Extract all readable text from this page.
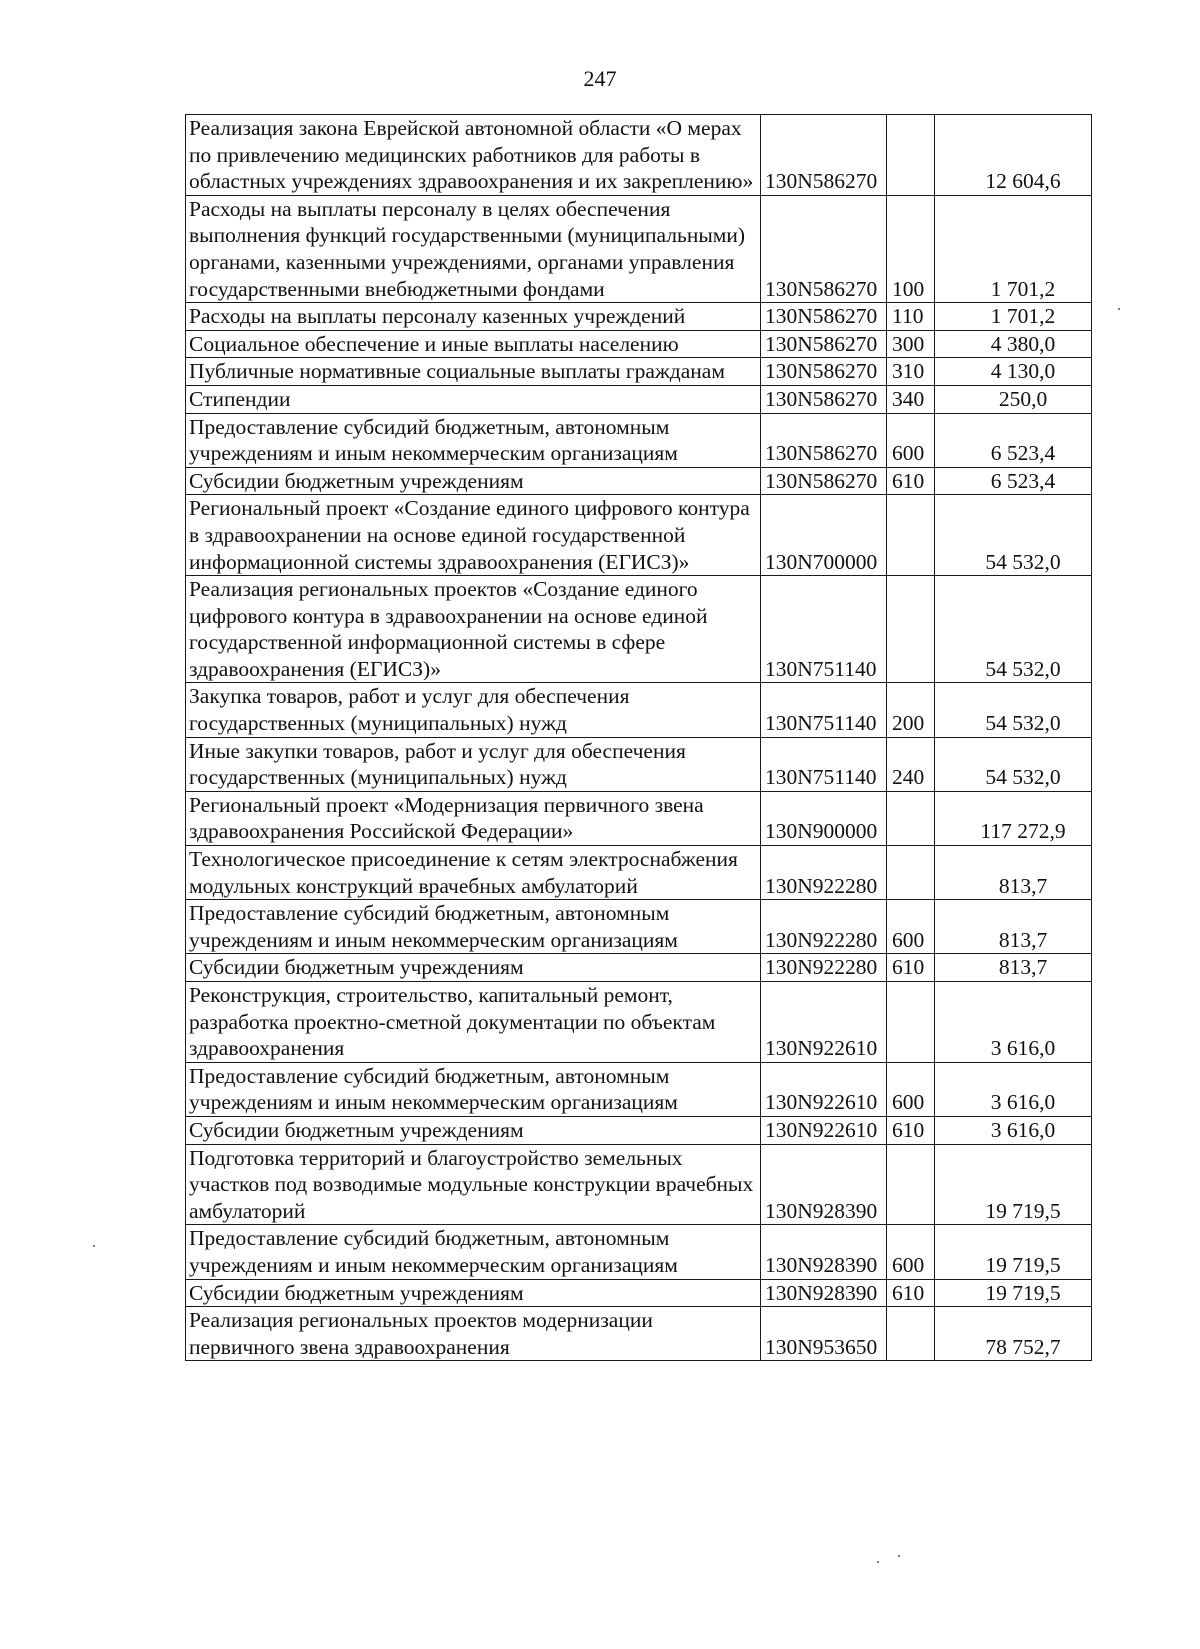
247
Реализация закона Еврейской автономной области «О мерах по привлечению медицинских работников для работы в областных учреждениях здравоохранения и их закреплению»	130N586270		12 604,6
Расходы на выплаты персоналу в целях обеспечения выполнения функций государственными (муниципальными) органами, казенными учреждениями, органами управления государственными внебюджетными фондами	130N586270	100	1 701,2
Расходы на выплаты персоналу казенных учреждений	130N586270	110	1 701,2
Социальное обеспечение и иные выплаты населению	130N586270	300	4 380,0
Публичные нормативные социальные выплаты гражданам	130N586270	310	4 130,0
Стипендии	130N586270	340	250,0
Предоставление субсидий бюджетным, автономным учреждениям и иным некоммерческим организациям	130N586270	600	6 523,4
Субсидии бюджетным учреждениям	130N586270	610	6 523,4
Региональный проект «Создание единого цифрового контура в здравоохранении на основе единой государственной информационной системы здравоохранения (ЕГИСЗ)»	130N700000		54 532,0
Реализация региональных проектов «Создание единого цифрового контура в здравоохранении на основе единой государственной информационной системы в сфере здравоохранения (ЕГИСЗ)»	130N751140		54 532,0
Закупка товаров, работ и услуг для обеспечения государственных (муниципальных) нужд	130N751140	200	54 532,0
Иные закупки товаров, работ и услуг для обеспечения государственных (муниципальных) нужд	130N751140	240	54 532,0
Региональный проект «Модернизация первичного звена здравоохранения Российской Федерации»	130N900000		117 272,9
Технологическое присоединение к сетям электроснабжения модульных конструкций врачебных амбулаторий	130N922280		813,7
Предоставление субсидий бюджетным, автономным учреждениям и иным некоммерческим организациям	130N922280	600	813,7
Субсидии бюджетным учреждениям	130N922280	610	813,7
Реконструкция, строительство, капитальный ремонт, разработка проектно-сметной документации по объектам здравоохранения	130N922610		3 616,0
Предоставление субсидий бюджетным, автономным учреждениям и иным некоммерческим организациям	130N922610	600	3 616,0
Субсидии бюджетным учреждениям	130N922610	610	3 616,0
Подготовка территорий и благоустройство земельных участков под возводимые модульные конструкции врачебных амбулаторий	130N928390		19 719,5
Предоставление субсидий бюджетным, автономным учреждениям и иным некоммерческим организациям	130N928390	600	19 719,5
Субсидии бюджетным учреждениям	130N928390	610	19 719,5
Реализация региональных проектов модернизации первичного звена здравоохранения	130N953650		78 752,7
